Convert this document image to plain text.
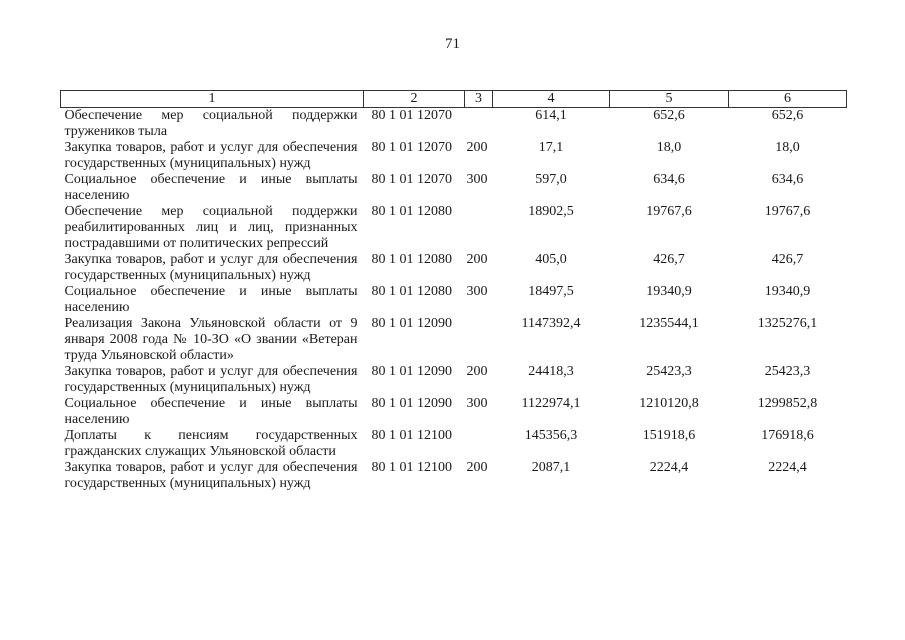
71
1	2	3	4	5	6
Обеспечение мер социальной поддержки тружеников тыла	80 1 01 12070		614,1	652,6	652,6
Закупка товаров, работ и услуг для обеспечения государственных (муниципальных) нужд	80 1 01 12070	200	17,1	18,0	18,0
Социальное обеспечение и иные выплаты населению	80 1 01 12070	300	597,0	634,6	634,6
Обеспечение мер социальной поддержки реабилитированных лиц и лиц, признанных пострадавшими от политических репрессий	80 1 01 12080		18902,5	19767,6	19767,6
Закупка товаров, работ и услуг для обеспечения государственных (муниципальных) нужд	80 1 01 12080	200	405,0	426,7	426,7
Социальное обеспечение и иные выплаты населению	80 1 01 12080	300	18497,5	19340,9	19340,9
Реализация Закона Ульяновской области от 9 января 2008 года № 10-ЗО «О звании «Ветеран труда Ульяновской области»	80 1 01 12090		1147392,4	1235544,1	1325276,1
Закупка товаров, работ и услуг для обеспечения государственных (муниципальных) нужд	80 1 01 12090	200	24418,3	25423,3	25423,3
Социальное обеспечение и иные выплаты населению	80 1 01 12090	300	1122974,1	1210120,8	1299852,8
Доплаты к пенсиям государственных гражданских служащих Ульяновской области	80 1 01 12100		145356,3	151918,6	176918,6
Закупка товаров, работ и услуг для обеспечения государственных (муниципальных) нужд	80 1 01 12100	200	2087,1	2224,4	2224,4
